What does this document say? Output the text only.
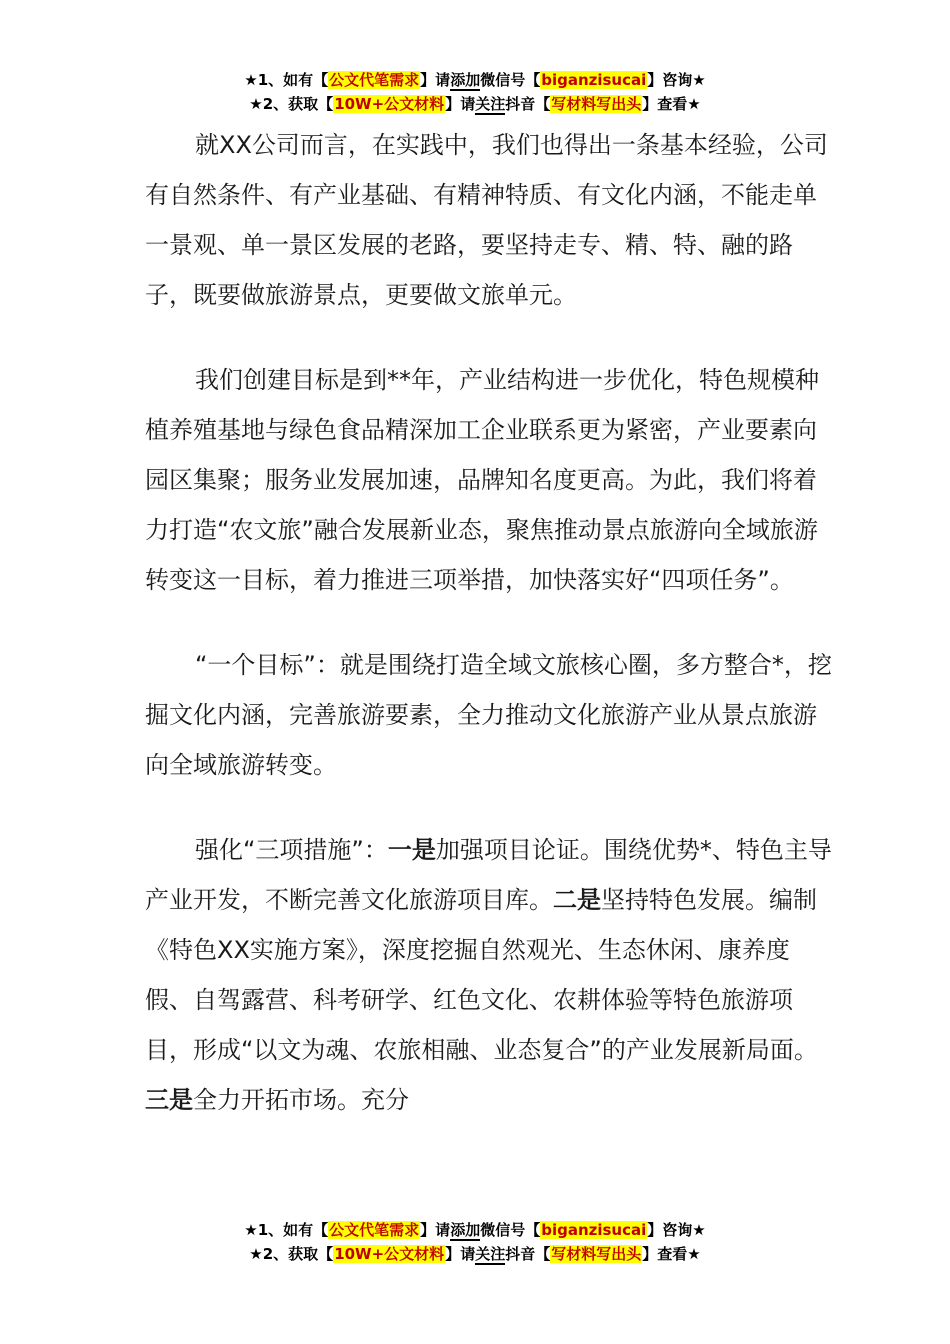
★1、如有【公文代笔需求】请添加微信号【biganzisucai】咨询★
★2、获取【10W+公文材料】请关注抖音【写材料写出头】查看★

就XX公司而言，在实践中，我们也得出一条基本经验，公司有自然条件、有产业基础、有精神特质、有文化内涵，不能走单一景观、单一景区发展的老路，要坚持走专、精、特、融的路子，既要做旅游景点，更要做文旅单元。

我们创建目标是到**年，产业结构进一步优化，特色规模种植养殖基地与绿色食品精深加工企业联系更为紧密，产业要素向园区集聚；服务业发展加速，品牌知名度更高。为此，我们将着力打造“农文旅”融合发展新业态，聚焦推动景点旅游向全域旅游转变这一目标，着力推进三项举措，加快落实好“四项任务”。

“一个目标”：就是围绕打造全域文旅核心圈，多方整合*，挖掘文化内涵，完善旅游要素，全力推动文化旅游产业从景点旅游向全域旅游转变。

强化“三项措施”：一是加强项目论证。围绕优势*、特色主导产业开发，不断完善文化旅游项目库。二是坚持特色发展。编制《特色XX实施方案》，深度挖掘自然观光、生态休闲、康养度假、自驾露营、科考研学、红色文化、农耕体验等特色旅游项目，形成“以文为魂、农旅相融、业态复合”的产业发展新局面。三是全力开拓市场。充分

★1、如有【公文代笔需求】请添加微信号【biganzisucai】咨询★
★2、获取【10W+公文材料】请关注抖音【写材料写出头】查看★
